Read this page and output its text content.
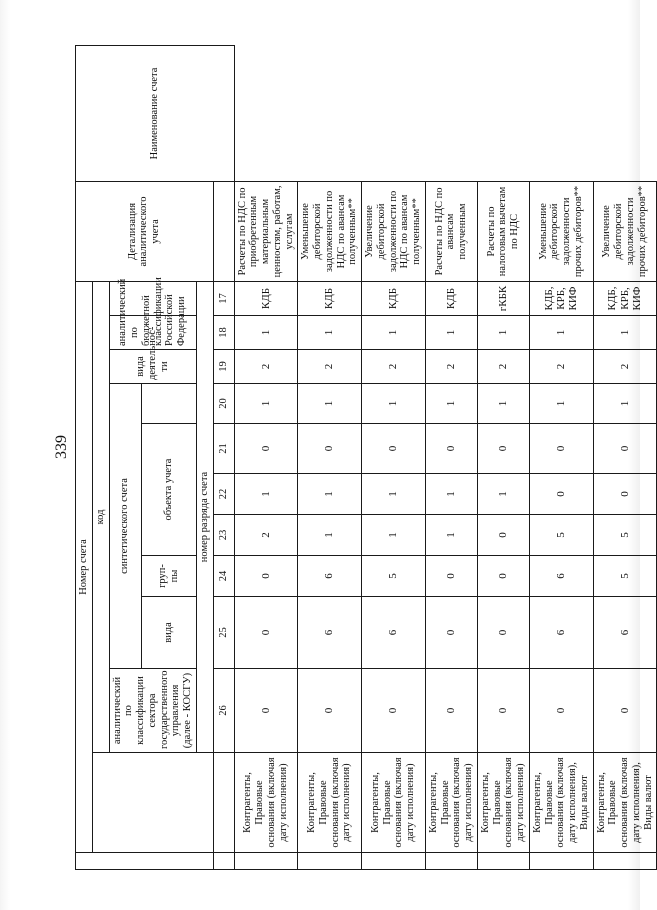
339
	Номер счета											Детализация аналитического учета	Наименование счета
		код											
		аналитический по классификации сектора государственного управления (далее - КОСГУ)	синтетического счета						вида деятельнос-ти	аналитический по бюджетной классификации Российской Федерации			
			вида	груп-пы	объекта учета								
		номер разряда счета											
		26	25	24	23	22	21	20	19	18	17		
	Контрагенты, Правовые основания (включая дату исполнения)	0	0	0	2	1	0	1	2	1	КДБ	Расчеты по НДС по приобретенным материальным ценностям, работам, услугам	
	Контрагенты, Правовые основания (включая дату исполнения)	0	6	6	1	1	0	1	2	1	КДБ	Уменьшение дебиторской задолженности по НДС по авансам полученным**	
	Контрагенты, Правовые основания (включая дату исполнения)	0	6	5	1	1	0	1	2	1	КДБ	Увеличение дебиторской задолженности по НДС по авансам полученным**	
	Контрагенты, Правовые основания (включая дату исполнения)	0	0	0	1	1	0	1	2	1	КДБ	Расчеты по НДС по авансам полученным	
	Контрагенты, Правовые основания (включая дату исполнения)	0	0	0	0	1	0	1	2	1	гКБК	Расчеты по налоговым вычетам по НДС	
	Контрагенты, Правовые основания (включая дату исполнения), Виды валют	0	6	6	5	0	0	1	2	1	КДБ, КРБ, КИФ	Уменьшение дебиторской задолженности прочих дебиторов**	
	Контрагенты, Правовые основания (включая дату исполнения), Виды валют	0	6	5	5	0	0	1	2	1	КДБ, КРБ, КИФ	Увеличение дебиторской задолженности прочих дебиторов**	
